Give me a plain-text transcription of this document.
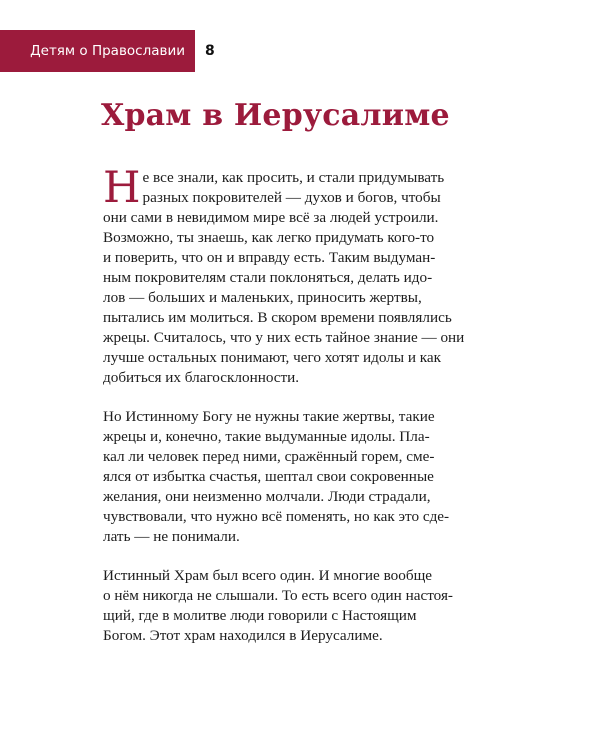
Детям о Православии	8
Храм в Иерусалиме

Н е все знали, как просить, и стали придумывать
разных покровителей — духов и богов, чтобы
они сами в невидимом мире всё за людей устроили.
Возможно, ты знаешь, как легко придумать кого-то
и поверить, что он и вправду есть. Таким выдуман-
ным покровителям стали поклоняться, делать идо-
лов — больших и маленьких, приносить жертвы,
пытались им молиться. В скором времени появлялись
жрецы. Считалось, что у них есть тайное знание — они
лучше остальных понимают, чего хотят идолы и как
добиться их благосклонности.

Но Истинному Богу не нужны такие жертвы, такие
жрецы и, конечно, такие выдуманные идолы. Пла-
кал ли человек перед ними, сражённый горем, сме-
ялся от избытка счастья, шептал свои сокровенные
желания, они неизменно молчали. Люди страдали,
чувствовали, что нужно всё поменять, но как это сде-
лать — не понимали.

Истинный Храм был всего один. И многие вообще
о нём никогда не слышали. То есть всего один настоя-
щий, где в молитве люди говорили с Настоящим
Богом. Этот храм находился в Иерусалиме.
